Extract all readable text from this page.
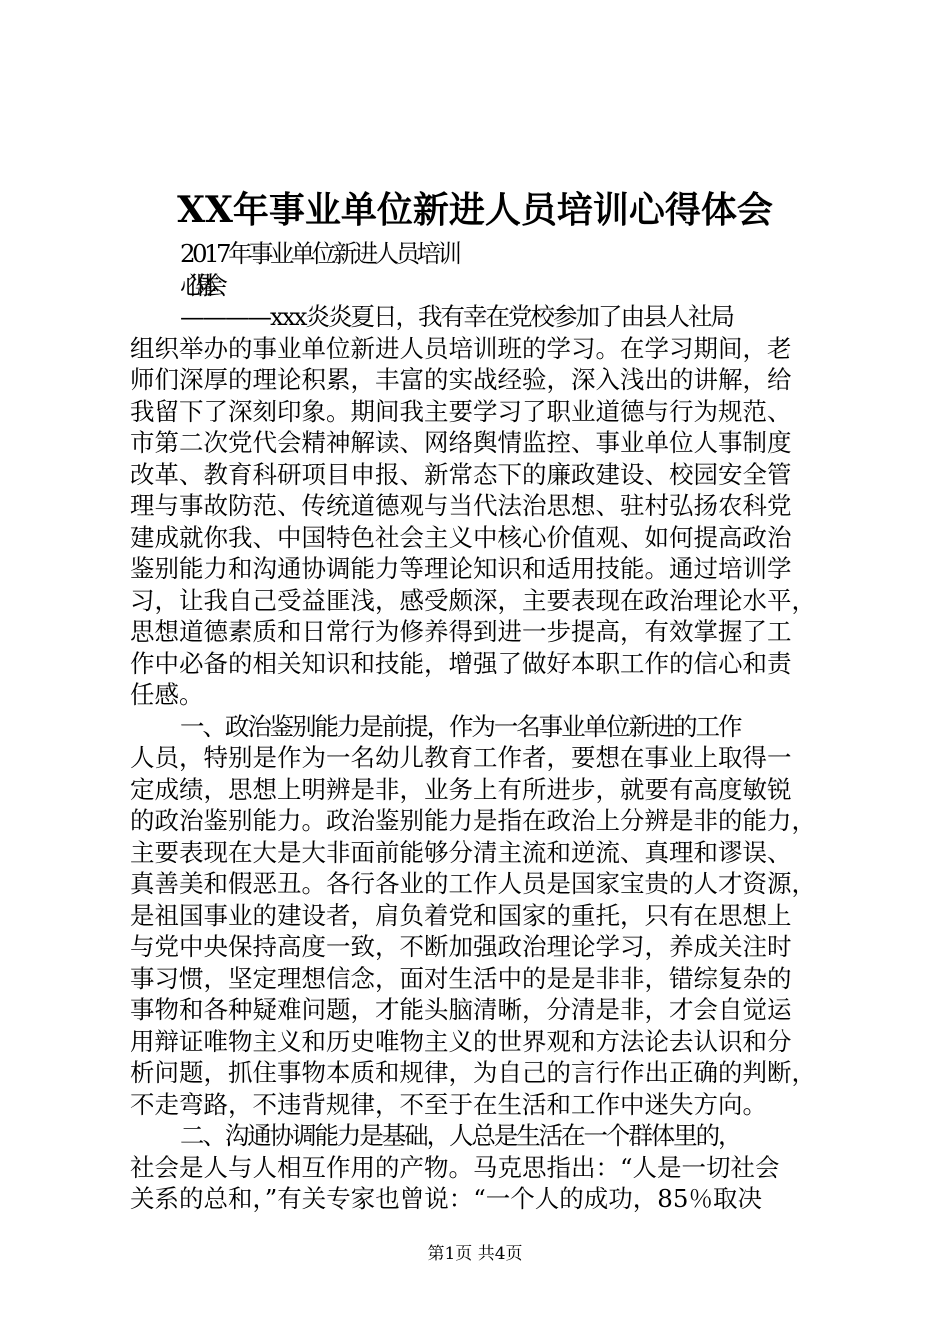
XX年事业单位新进人员培训心得体会
2017年事业单位新进人员培训
心得体会
————xxx炎炎夏日，我有幸在党校参加了由县人社局
组织举办的事业单位新进人员培训班的学习。在学习期间，老
师们深厚的理论积累，丰富的实战经验，深入浅出的讲解，给
我留下了深刻印象。期间我主要学习了职业道德与行为规范、
市第二次党代会精神解读、网络舆情监控、事业单位人事制度
改革、教育科研项目申报、新常态下的廉政建设、校园安全管
理与事故防范、传统道德观与当代法治思想、驻村弘扬农科党
建成就你我、中国特色社会主义中核心价值观、如何提高政治
鉴别能力和沟通协调能力等理论知识和适用技能。通过培训学
习，让我自己受益匪浅，感受颇深，主要表现在政治理论水平，
思想道德素质和日常行为修养得到进一步提高，有效掌握了工
作中必备的相关知识和技能，增强了做好本职工作的信心和责
任感。
一、政治鉴别能力是前提，作为一名事业单位新进的工作
人员，特别是作为一名幼儿教育工作者，要想在事业上取得一
定成绩，思想上明辨是非，业务上有所进步，就要有高度敏锐
的政治鉴别能力。政治鉴别能力是指在政治上分辨是非的能力，
主要表现在大是大非面前能够分清主流和逆流、真理和谬误、
真善美和假恶丑。各行各业的工作人员是国家宝贵的人才资源，
是祖国事业的建设者，肩负着党和国家的重托，只有在思想上
与党中央保持高度一致，不断加强政治理论学习，养成关注时
事习惯，坚定理想信念，面对生活中的是是非非，错综复杂的
事物和各种疑难问题，才能头脑清晰，分清是非，才会自觉运
用辩证唯物主义和历史唯物主义的世界观和方法论去认识和分
析问题，抓住事物本质和规律，为自己的言行作出正确的判断，
不走弯路，不违背规律，不至于在生活和工作中迷失方向。
二、沟通协调能力是基础，人总是生活在一个群体里的，
社会是人与人相互作用的产物。马克思指出：“人是一切社会
关系的总和，”有关专家也曾说：“一个人的成功，85％取决
第1页 共4页
